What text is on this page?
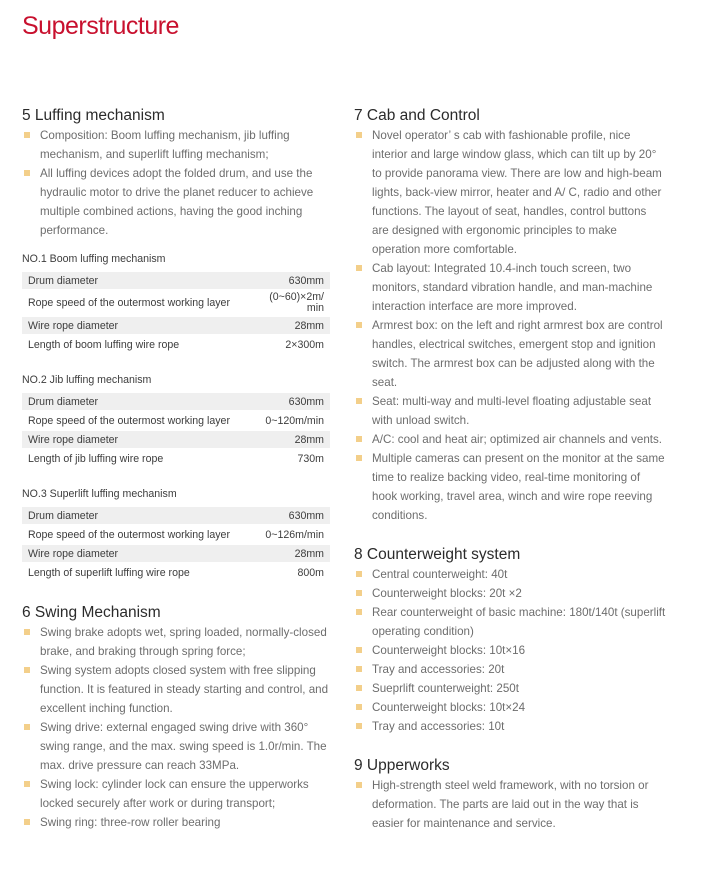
Superstructure
5 Luffing mechanism
Composition: Boom luffing mechanism, jib luffing mechanism, and superlift luffing mechanism;
All luffing devices adopt the folded drum, and use the hydraulic motor to drive the planet reducer to achieve multiple combined actions, having the good inching performance.
NO.1 Boom luffing mechanism
Drum diameter	630mm
Rope speed of the outermost working layer	(0~60)×2m/ min
Wire rope diameter	28mm
Length of boom luffing wire rope	2×300m
NO.2 Jib luffing mechanism
Drum diameter	630mm
Rope speed of the outermost working layer	0~120m/min
Wire rope diameter	28mm
Length of jib luffing wire rope	730m
NO.3 Superlift luffing mechanism
Drum diameter	630mm
Rope speed of the outermost working layer	0~126m/min
Wire rope diameter	28mm
Length of superlift luffing wire rope	800m
6 Swing Mechanism
Swing brake adopts wet, spring loaded, normally-closed brake, and braking through spring force;
Swing system adopts closed system with free slipping function. It is featured in steady starting and control, and excellent inching function.
Swing drive: external engaged swing drive with 360° swing range, and the max. swing speed is 1.0r/min. The max. drive pressure can reach 33MPa.
Swing lock: cylinder lock can ensure the upperworks locked securely after work or during transport;
Swing ring: three-row roller bearing
7 Cab and Control
Novel operator’ s cab with fashionable profile, nice interior and large window glass, which can tilt up by 20° to provide panorama view. There are low and high-beam lights, back-view mirror, heater and A/ C, radio and other functions. The layout of seat, handles, control buttons are designed with ergonomic principles to make operation more comfortable.
Cab layout: Integrated 10.4-inch touch screen, two monitors, standard vibration handle, and man-machine interaction interface are more improved.
Armrest box: on the left and right armrest box are control handles, electrical switches, emergent stop and ignition switch. The armrest box can be adjusted along with the seat.
Seat: multi-way and multi-level floating adjustable seat with unload switch.
A/C: cool and heat air; optimized air channels and vents.
Multiple cameras can present on the monitor at the same time to realize backing video, real-time monitoring of hook working, travel area, winch and wire rope reeving conditions.
8 Counterweight system
Central counterweight: 40t
Counterweight blocks: 20t ×2
Rear counterweight of basic machine: 180t/140t (superlift operating condition)
Counterweight blocks: 10t×16
Tray and accessories: 20t
Sueprlift counterweight: 250t
Counterweight blocks: 10t×24
Tray and accessories: 10t
9 Upperworks
High-strength steel weld framework, with no torsion or deformation. The parts are laid out in the way that is easier for maintenance and service.
